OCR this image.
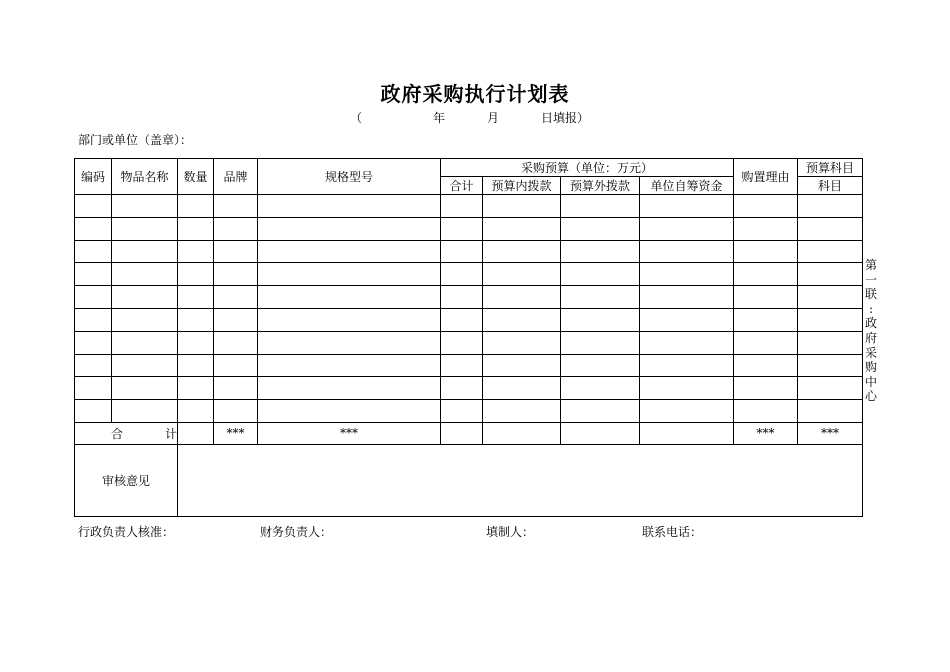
政府采购执行计划表
（	年	月	日填报）
部门或单位（盖章）：
编码	物品名称	数量	品牌	规格型号	采购预算（单位：万元）				购置理由	预算科目
					合计	预算内拨款	预算外拨款	单位自筹资金		科目

合 计			***	***					***	***
审核意见										
第
一
联
:
政
府
采
购
中
心
行政负责人核准：	财务负责人：	填制人：	联系电话：
